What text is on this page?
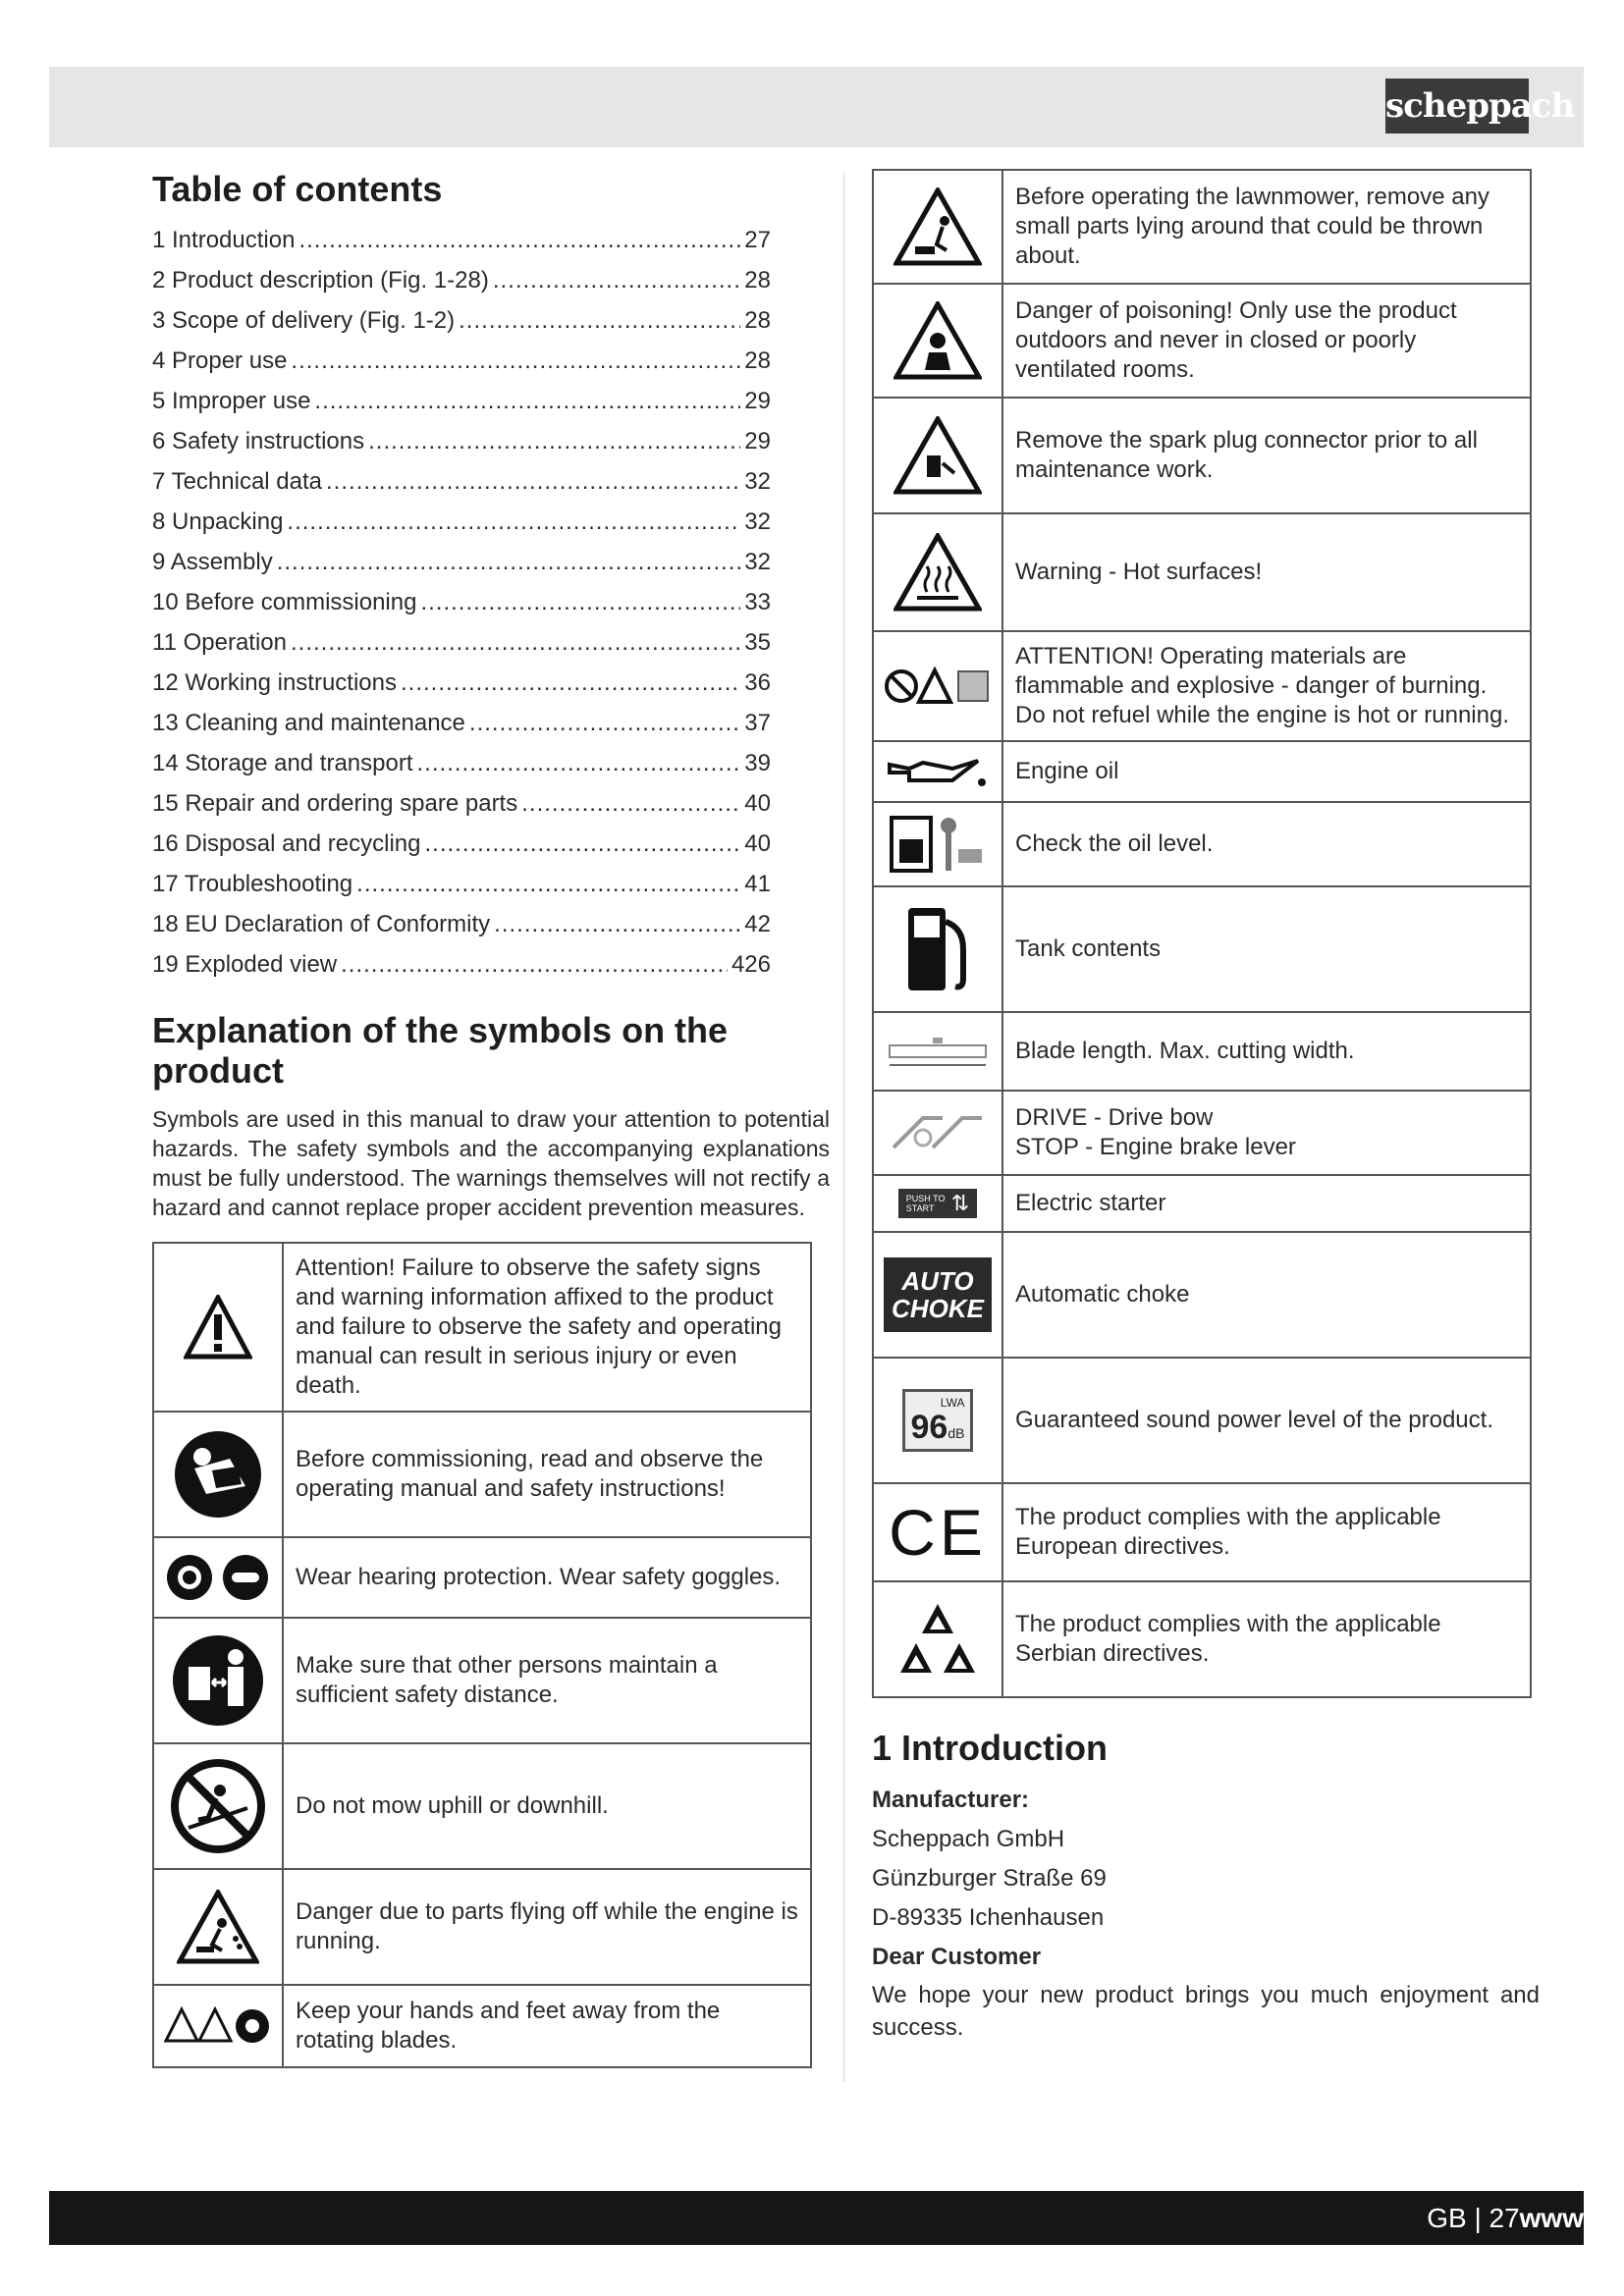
scheppach
Table of contents
1 Introduction .....	27
2 Product description (Fig. 1-28) .....	28
3 Scope of delivery (Fig. 1-2) .....	28
4 Proper use .....	28
5 Improper use .....	29
6 Safety instructions .....	29
7 Technical data .....	32
8 Unpacking .....	32
9 Assembly .....	32
10 Before commissioning .....	33
11 Operation .....	35
12 Working instructions .....	36
13 Cleaning and maintenance .....	37
14 Storage and transport .....	39
15 Repair and ordering spare parts .....	40
16 Disposal and recycling .....	40
17 Troubleshooting .....	41
18 EU Declaration of Conformity .....	42
19 Exploded view .....	426
Explanation of the symbols on the product

Symbols are used in this manual to draw your attention to potential hazards. The safety symbols and the accompanying explanations must be fully understood. The warnings themselves will not rectify a hazard and cannot replace proper accident prevention measures.

	Attention! Failure to observe the safety signs and warning information affixed to the product and failure to observe the safety and operating manual can result in serious injury or even death.

	Before commissioning, read and observe the operating manual and safety instructions!

	Wear hearing protection. Wear safety goggles.

	Make sure that other persons maintain a sufficient safety distance.

	Do not mow uphill or downhill.

	Danger due to parts flying off while the engine is running.

	Keep your hands and feet away from the rotating blades.
	Before operating the lawnmower, remove any small parts lying around that could be thrown about.

	Danger of poisoning! Only use the product outdoors and never in closed or poorly ventilated rooms.

	Remove the spark plug connector prior to all maintenance work.

	Warning - Hot surfaces!

	ATTENTION! Operating materials are flammable and explosive - danger of burning. Do not refuel while the engine is hot or running.

	Engine oil

	Check the oil level.

	Tank contents

	Blade length. Max. cutting width.

DRIVE - Drive bow
STOP - Engine brake lever

PUSH TO START ⇅	Electric starter

AUTO
CHOKE	Automatic choke

LWA
96dB	Guaranteed sound power level of the product.
CE	The product complies with the applicable European directives.

	The product complies with the applicable Serbian directives.
1 Introduction

Manufacturer:

Scheppach GmbH

Günzburger Straße 69

D-89335 Ichenhausen

Dear Customer

We hope your new product brings you much enjoyment and success.

GB | 27www
